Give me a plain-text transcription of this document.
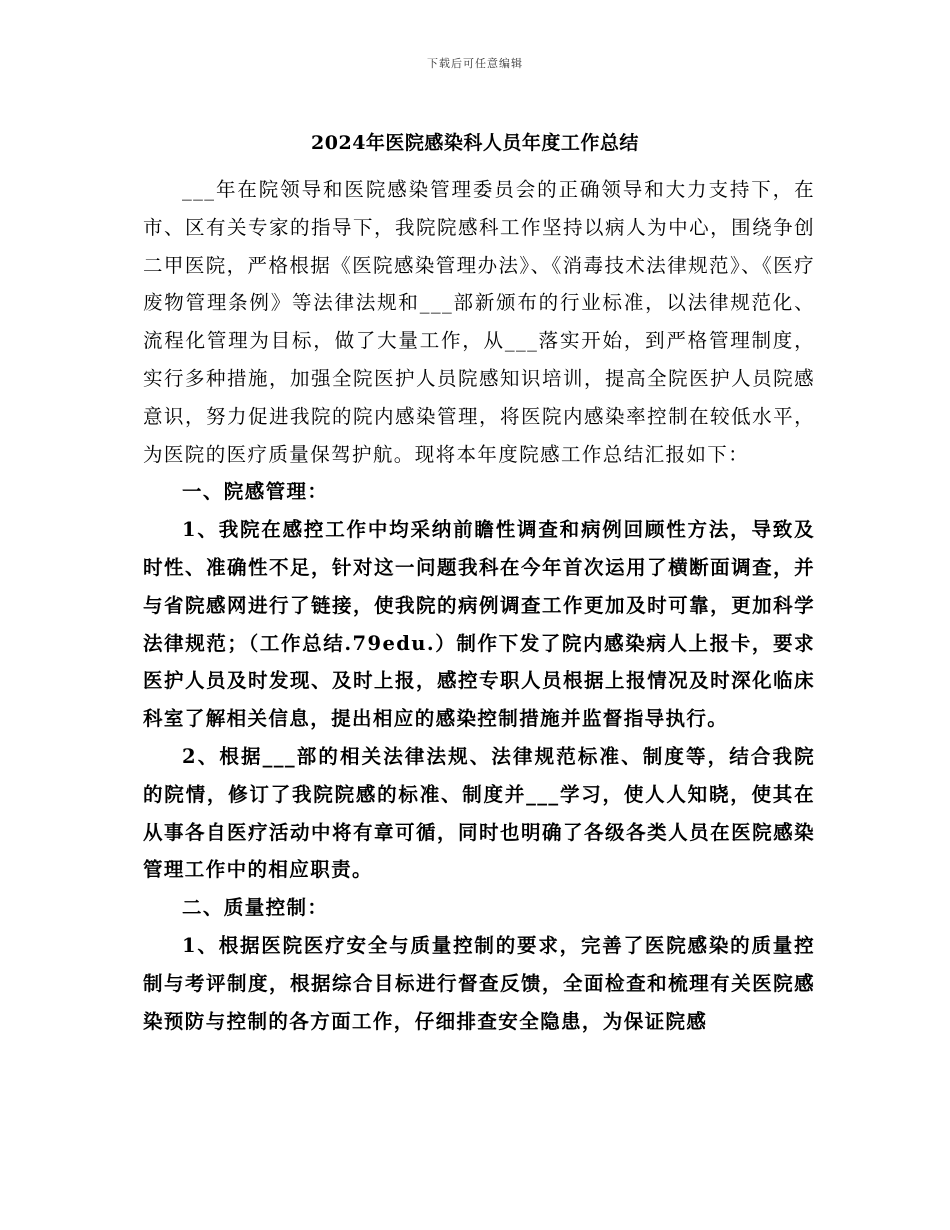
下载后可任意编辑
2024年医院感染科人员年度工作总结

___年在院领导和医院感染管理委员会的正确领导和大力支持下，在市、区有关专家的指导下，我院院感科工作坚持以病人为中心，围绕争创二甲医院，严格根据《医院感染管理办法》、《消毒技术法律规范》、《医疗废物管理条例》等法律法规和___部新颁布的行业标准，以法律规范化、流程化管理为目标，做了大量工作，从___落实开始，到严格管理制度，实行多种措施，加强全院医护人员院感知识培训，提高全院医护人员院感意识，努力促进我院的院内感染管理，将医院内感染率控制在较低水平，为医院的医疗质量保驾护航。现将本年度院感工作总结汇报如下：

一、院感管理：

1、我院在感控工作中均采纳前瞻性调查和病例回顾性方法，导致及时性、准确性不足，针对这一问题我科在今年首次运用了横断面调查，并与省院感网进行了链接，使我院的病例调查工作更加及时可靠，更加科学法律规范；（工作总结.79edu.）制作下发了院内感染病人上报卡，要求医护人员及时发现、及时上报，感控专职人员根据上报情况及时深化临床科室了解相关信息，提出相应的感染控制措施并监督指导执行。

2、根据___部的相关法律法规、法律规范标准、制度等，结合我院的院情，修订了我院院感的标准、制度并___学习，使人人知晓，使其在从事各自医疗活动中将有章可循，同时也明确了各级各类人员在医院感染管理工作中的相应职责。

二、质量控制：

1、根据医院医疗安全与质量控制的要求，完善了医院感染的质量控制与考评制度，根据综合目标进行督查反馈，全面检查和梳理有关医院感染预防与控制的各方面工作，仔细排查安全隐患，为保证院感
